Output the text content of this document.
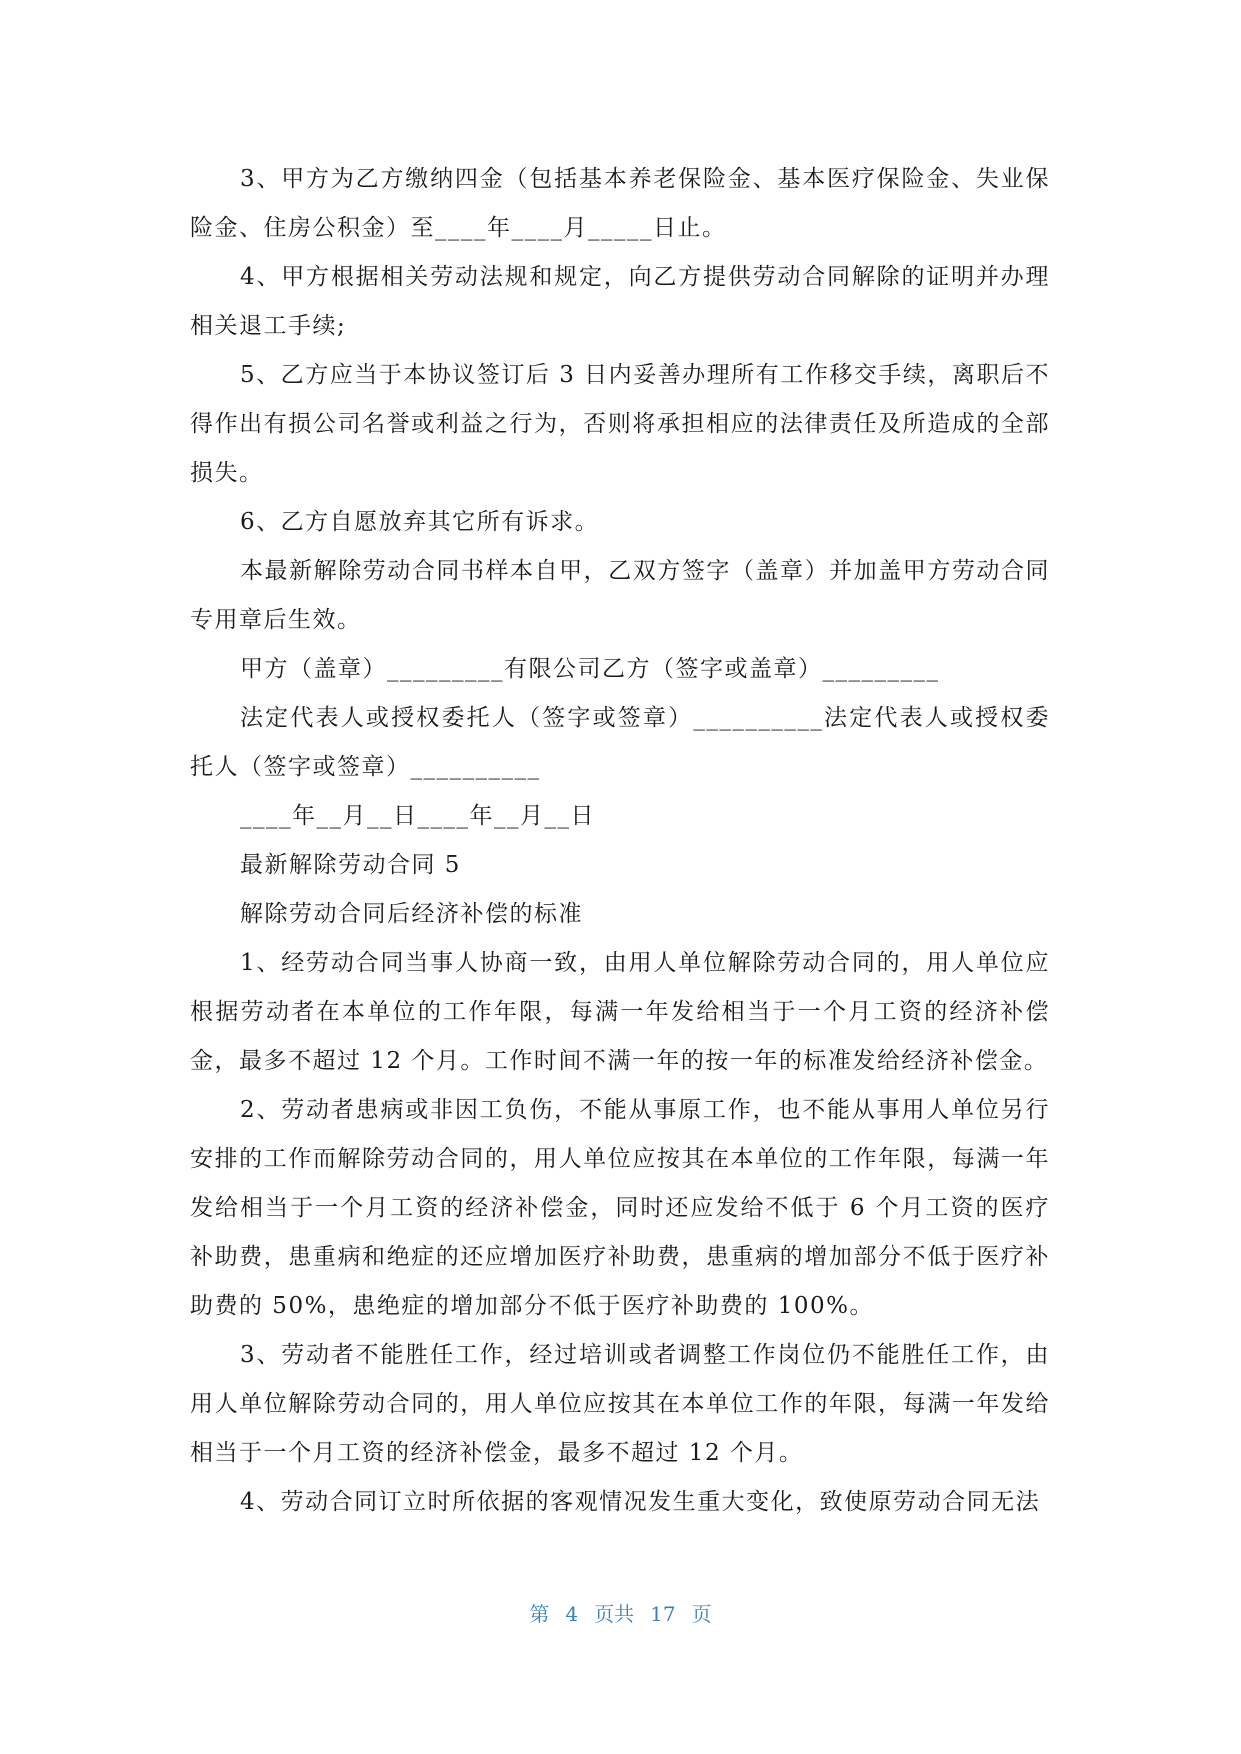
3、甲方为乙方缴纳四金（包括基本养老保险金、基本医疗保险金、失业保险金、住房公积金）至____年____月_____日止。

4、甲方根据相关劳动法规和规定，向乙方提供劳动合同解除的证明并办理相关退工手续;

5、乙方应当于本协议签订后 3 日内妥善办理所有工作移交手续，离职后不得作出有损公司名誉或利益之行为，否则将承担相应的法律责任及所造成的全部损失。

6、乙方自愿放弃其它所有诉求。

本最新解除劳动合同书样本自甲，乙双方签字（盖章）并加盖甲方劳动合同专用章后生效。

甲方（盖章）_________有限公司乙方（签字或盖章）_________

法定代表人或授权委托人（签字或签章）__________法定代表人或授权委托人（签字或签章）__________

____年__月__日____年__月__日

最新解除劳动合同 5

解除劳动合同后经济补偿的标准

1、经劳动合同当事人协商一致，由用人单位解除劳动合同的，用人单位应根据劳动者在本单位的工作年限，每满一年发给相当于一个月工资的经济补偿金，最多不超过 12 个月。工作时间不满一年的按一年的标准发给经济补偿金。

2、劳动者患病或非因工负伤，不能从事原工作，也不能从事用人单位另行安排的工作而解除劳动合同的，用人单位应按其在本单位的工作年限，每满一年发给相当于一个月工资的经济补偿金，同时还应发给不低于 6 个月工资的医疗补助费，患重病和绝症的还应增加医疗补助费，患重病的增加部分不低于医疗补助费的 50%，患绝症的增加部分不低于医疗补助费的 100%。

3、劳动者不能胜任工作，经过培训或者调整工作岗位仍不能胜任工作，由用人单位解除劳动合同的，用人单位应按其在本单位工作的年限，每满一年发给相当于一个月工资的经济补偿金，最多不超过 12 个月。

4、劳动合同订立时所依据的客观情况发生重大变化，致使原劳动合同无法

第 4 页共 17 页
